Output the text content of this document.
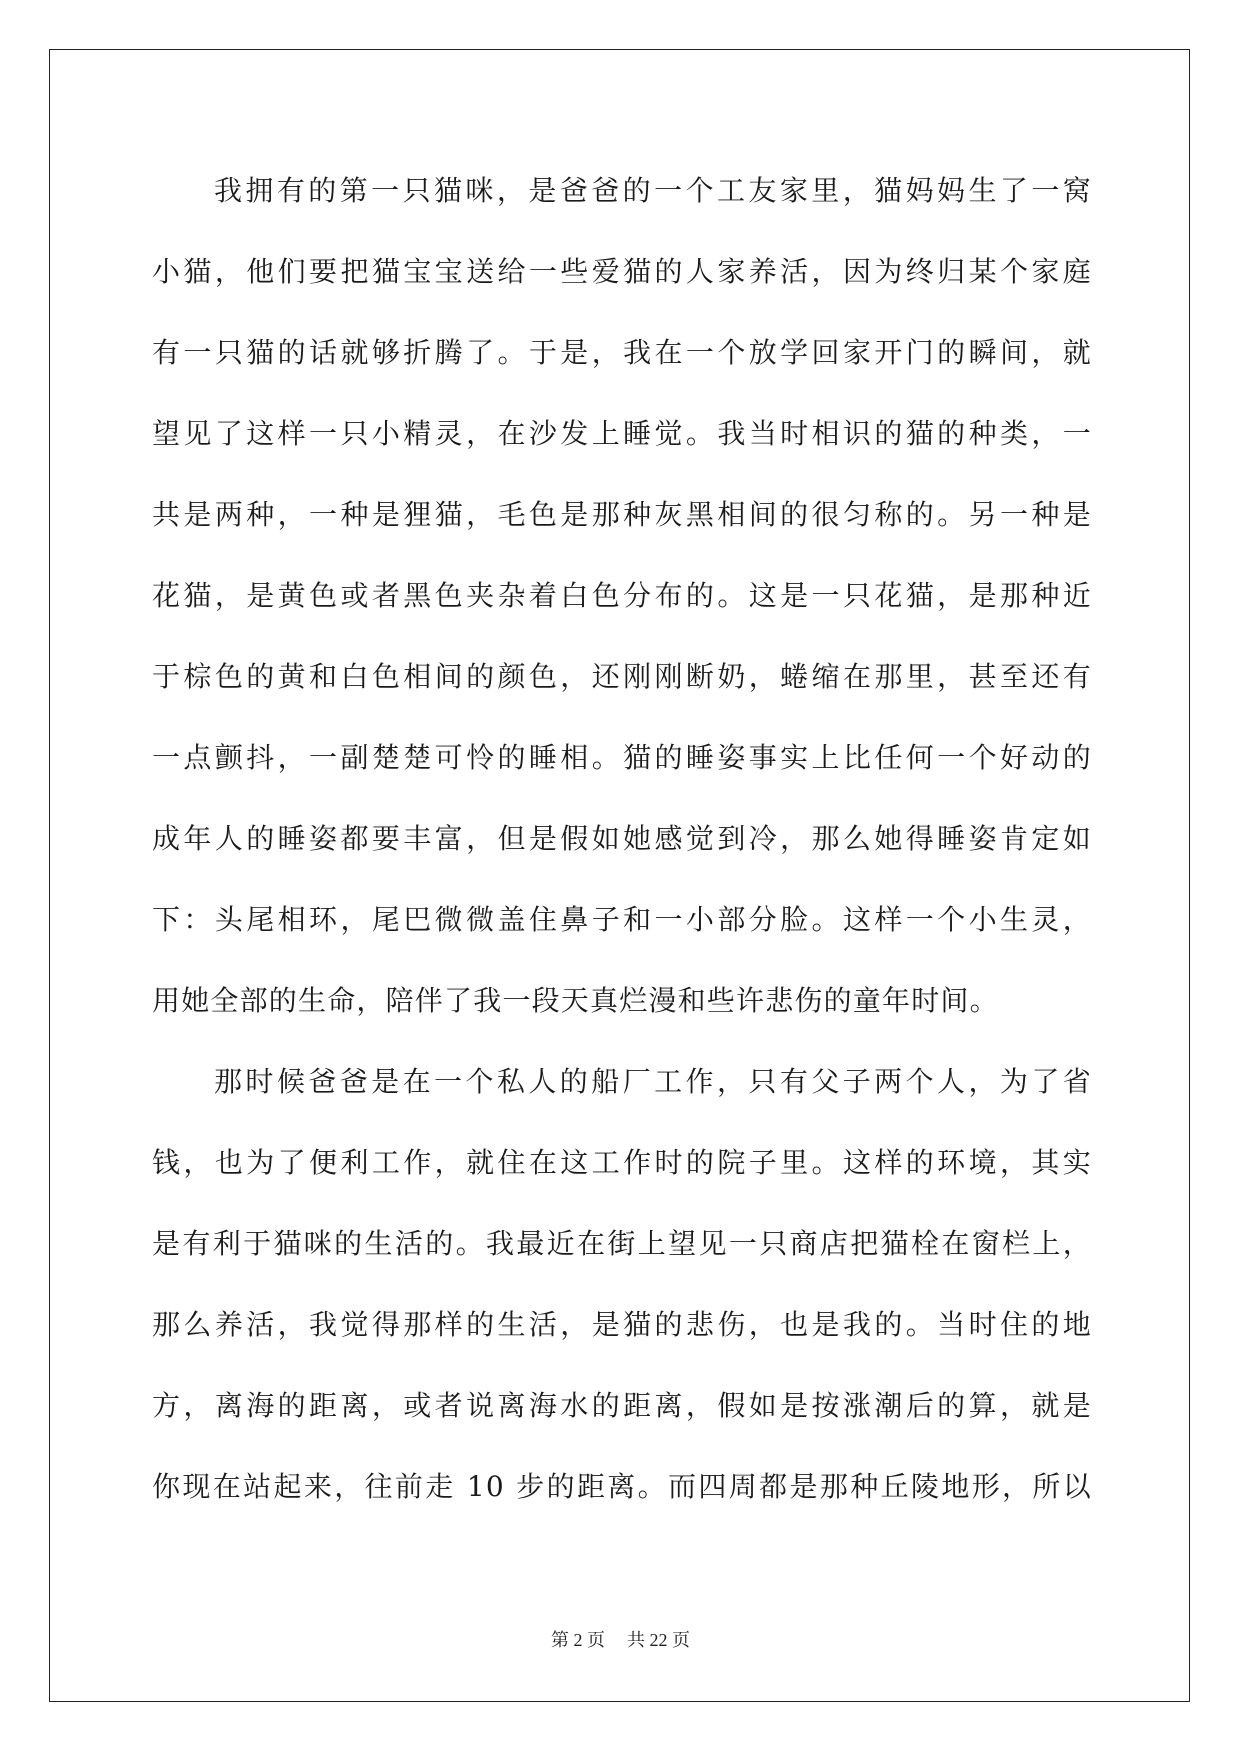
我拥有的第一只猫咪，是爸爸的一个工友家里，猫妈妈生了一窝
小猫，他们要把猫宝宝送给一些爱猫的人家养活，因为终归某个家庭
有一只猫的话就够折腾了。于是，我在一个放学回家开门的瞬间，就
望见了这样一只小精灵，在沙发上睡觉。我当时相识的猫的种类，一
共是两种，一种是狸猫，毛色是那种灰黑相间的很匀称的。另一种是
花猫，是黄色或者黑色夹杂着白色分布的。这是一只花猫，是那种近
于棕色的黄和白色相间的颜色，还刚刚断奶，蜷缩在那里，甚至还有
一点颤抖，一副楚楚可怜的睡相。猫的睡姿事实上比任何一个好动的
成年人的睡姿都要丰富，但是假如她感觉到冷，那么她得睡姿肯定如
下：头尾相环，尾巴微微盖住鼻子和一小部分脸。这样一个小生灵，
用她全部的生命，陪伴了我一段天真烂漫和些许悲伤的童年时间。
那时候爸爸是在一个私人的船厂工作，只有父子两个人，为了省
钱，也为了便利工作，就住在这工作时的院子里。这样的环境，其实
是有利于猫咪的生活的。我最近在街上望见一只商店把猫栓在窗栏上，
那么养活，我觉得那样的生活，是猫的悲伤，也是我的。当时住的地
方，离海的距离，或者说离海水的距离，假如是按涨潮后的算，就是
你现在站起来，往前走 10 步的距离。而四周都是那种丘陵地形，所以
第 2 页 共 22 页
